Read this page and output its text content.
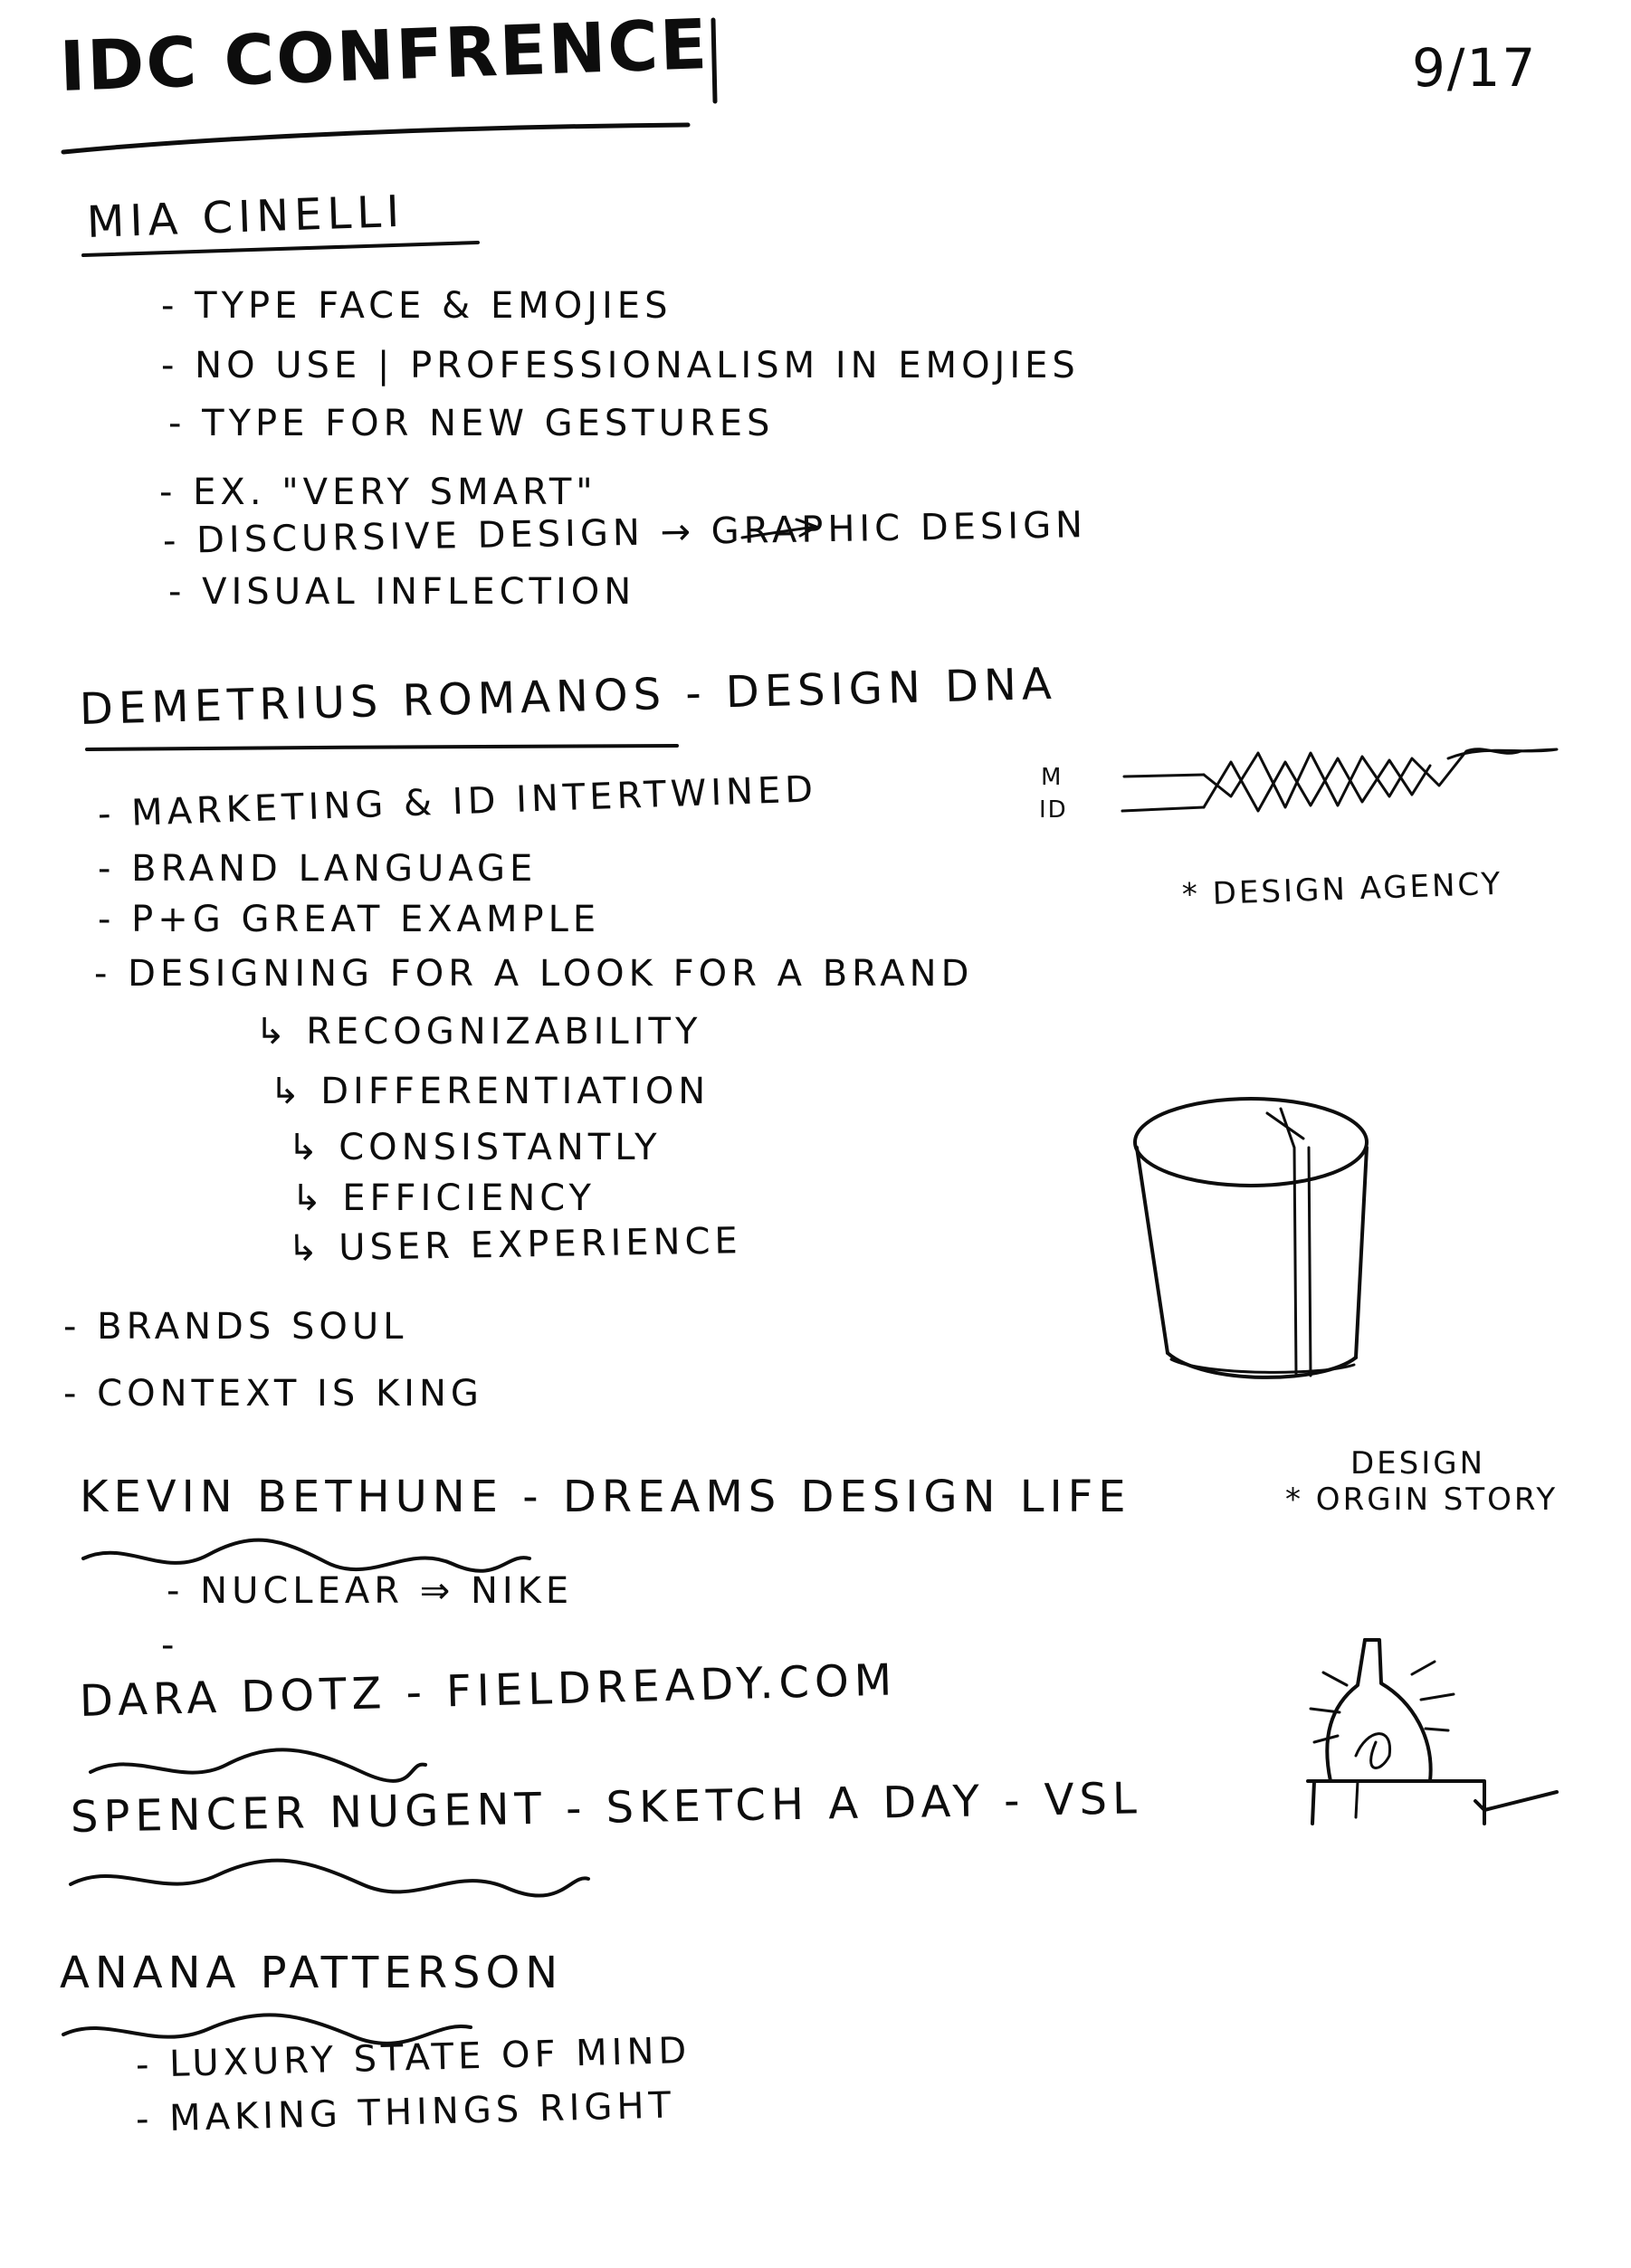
IDC CONFRENCE	9/17
MIA CINELLI
- TYPE FACE & EMOJIES
- NO USE | PROFESSIONALISM IN EMOJIES
- TYPE FOR NEW GESTURES
- EX. "VERY SMART"
- DISCURSIVE DESIGN → GRAPHIC DESIGN
- VISUAL INFLECTION
DEMETRIUS ROMANOS - DESIGN DNA
- MARKETING & ID INTERTWINED	M
ID
- BRAND LANGUAGE
- P+G GREAT EXAMPLE
* DESIGN AGENCY
- DESIGNING FOR A LOOK FOR A BRAND
↳ RECOGNIZABILITY
↳ DIFFERENTIATION
↳ CONSISTANTLY
↳ EFFICIENCY
↳ USER EXPERIENCE
- BRANDS SOUL
- CONTEXT IS KING
KEVIN BETHUNE - DREAMS DESIGN LIFE
DESIGN
* ORGIN STORY
- NUCLEAR ⇒ NIKE
-
DARA DOTZ - FIELDREADY.COM
SPENCER NUGENT - SKETCH A DAY - VSL
ANANA PATTERSON
- LUXURY STATE OF MIND
- MAKING THINGS RIGHT
